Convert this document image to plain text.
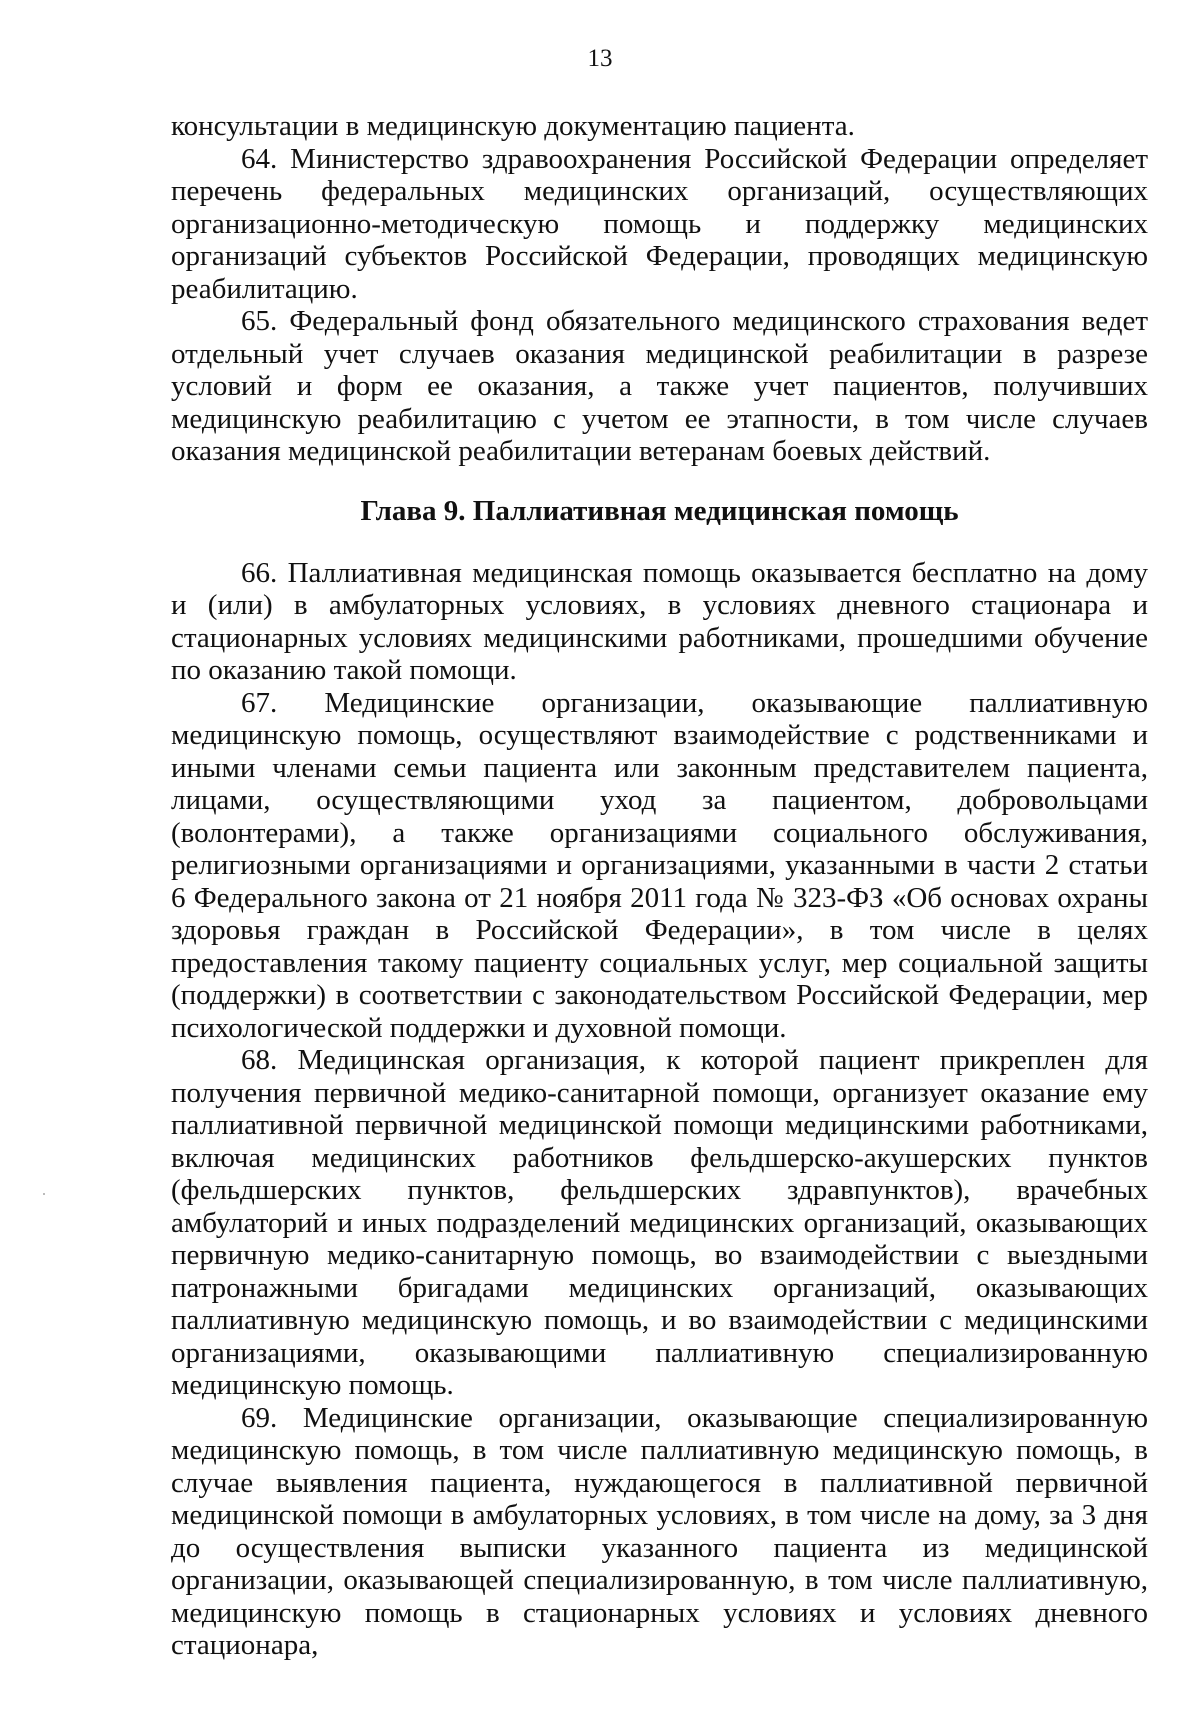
13

консультации в медицинскую документацию пациента.

64. Министерство здравоохранения Российской Федерации определяет перечень федеральных медицинских организаций, осуществляющих организационно-методическую помощь и поддержку медицинских организаций субъектов Российской Федерации, проводящих медицинскую реабилитацию.

65. Федеральный фонд обязательного медицинского страхования ведет отдельный учет случаев оказания медицинской реабилитации в разрезе условий и форм ее оказания, а также учет пациентов, получивших медицинскую реабилитацию с учетом ее этапности, в том числе случаев оказания медицинской реабилитации ветеранам боевых действий.

Глава 9. Паллиативная медицинская помощь

66. Паллиативная медицинская помощь оказывается бесплатно на дому и (или) в амбулаторных условиях, в условиях дневного стационара и стационарных условиях медицинскими работниками, прошедшими обучение по оказанию такой помощи.

67. Медицинские организации, оказывающие паллиативную медицинскую помощь, осуществляют взаимодействие с родственниками и иными членами семьи пациента или законным представителем пациента, лицами, осуществляющими уход за пациентом, добровольцами (волонтерами), а также организациями социального обслуживания, религиозными организациями и организациями, указанными в части 2 статьи 6 Федерального закона от 21 ноября 2011 года № 323-ФЗ «Об основах охраны здоровья граждан в Российской Федерации», в том числе в целях предоставления такому пациенту социальных услуг, мер социальной защиты (поддержки) в соответствии с законодательством Российской Федерации, мер психологической поддержки и духовной помощи.

68. Медицинская организация, к которой пациент прикреплен для получения первичной медико-санитарной помощи, организует оказание ему паллиативной первичной медицинской помощи медицинскими работниками, включая медицинских работников фельдшерско-акушерских пунктов (фельдшерских пунктов, фельдшерских здравпунктов), врачебных амбулаторий и иных подразделений медицинских организаций, оказывающих первичную медико-санитарную помощь, во взаимодействии с выездными патронажными бригадами медицинских организаций, оказывающих паллиативную медицинскую помощь, и во взаимодействии с медицинскими организациями, оказывающими паллиативную специализированную медицинскую помощь.

69. Медицинские организации, оказывающие специализированную медицинскую помощь, в том числе паллиативную медицинскую помощь, в случае выявления пациента, нуждающегося в паллиативной первичной медицинской помощи в амбулаторных условиях, в том числе на дому, за 3 дня до осуществления выписки указанного пациента из медицинской организации, оказывающей специализированную, в том числе паллиативную, медицинскую помощь в стационарных условиях и условиях дневного стационара,
